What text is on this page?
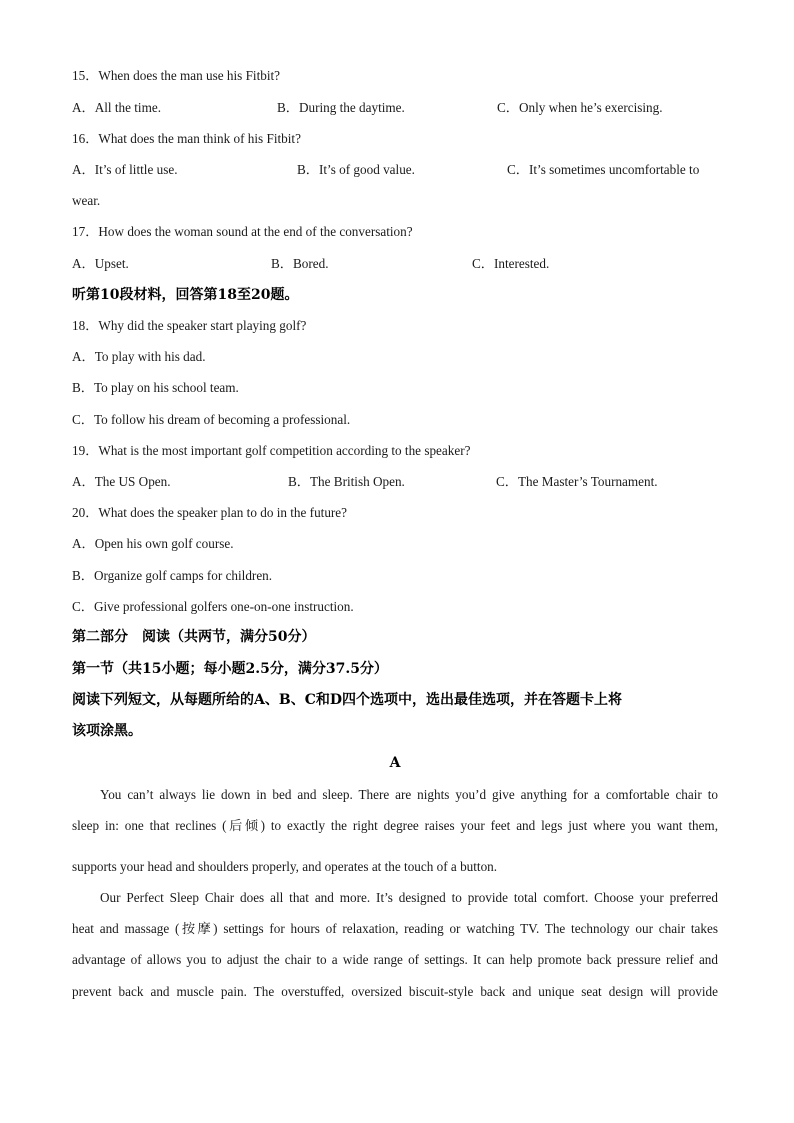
15．When does the man use his Fitbit?
A．All the time.	B．During the daytime.	C．Only when he’s exercising.
16．What does the man think of his Fitbit?
A．It’s of little use.	B．It’s of good value.	C．It’s sometimes uncomfortable to
wear.
17．How does the woman sound at the end of the conversation?
A．Upset.	B．Bored.	C．Interested.
听第10段材料，回答第18至20题。
18．Why did the speaker start playing golf?
A．To play with his dad.
B．To play on his school team.
C．To follow his dream of becoming a professional.
19．What is the most important golf competition according to the speaker?
A．The US Open.	B．The British Open.	C．The Master’s Tournament.
20．What does the speaker plan to do in the future?
A．Open his own golf course.
B．Organize golf camps for children.
C．Give professional golfers one-on-one instruction.
第二部分　阅读（共两节，满分50分）
第一节（共15小题；每小题2.5分，满分37.5分）
阅读下列短文，从每题所给的A、B、C和D四个选项中，选出最佳选项，并在答题卡上将
该项涂黑。
A
You can’t always lie down in bed and sleep. There are nights you’d give anything for a comfortable chair to
sleep in: one that reclines (后倾) to exactly the right degree raises your feet and legs just where you want them,
supports your head and shoulders properly, and operates at the touch of a button.
Our Perfect Sleep Chair does all that and more. It’s designed to provide total comfort. Choose your preferred
heat and massage (按摩) settings for hours of relaxation, reading or watching TV. The technology our chair takes
advantage of allows you to adjust the chair to a wide range of settings. It can help promote back pressure relief and
prevent back and muscle pain. The overstuffed, oversized biscuit-style back and unique seat design will provide
